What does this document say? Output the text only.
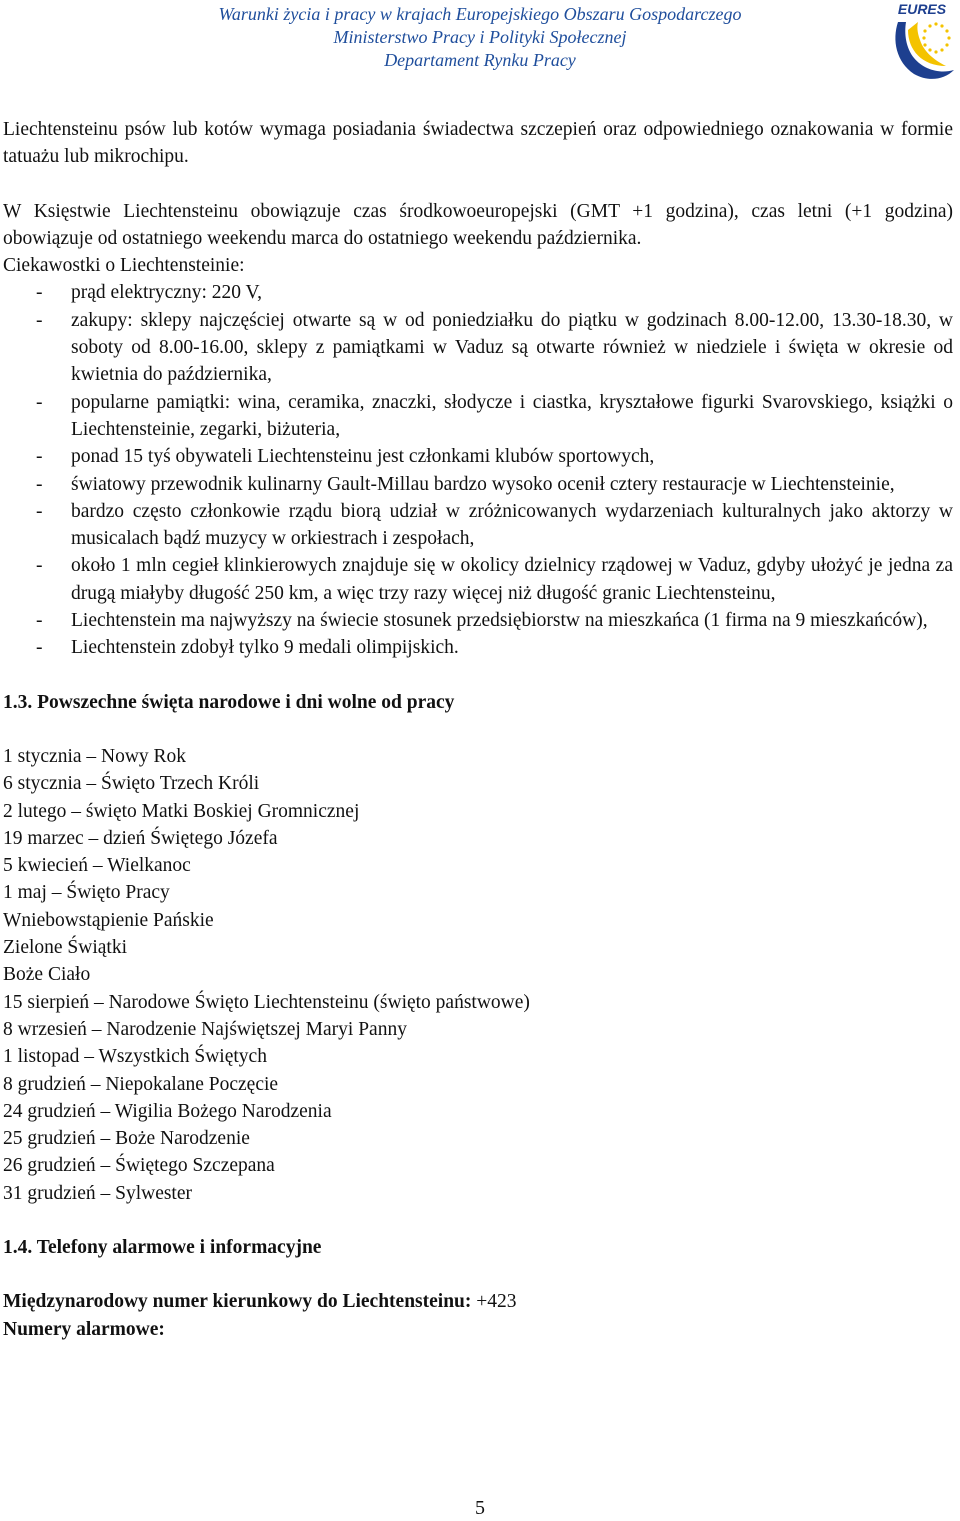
Warunki życia i pracy w krajach Europejskiego Obszaru Gospodarczego
Ministerstwo Pracy i Polityki Społecznej
Departament Rynku Pracy
EURES

Liechtensteinu psów lub kotów wymaga posiadania świadectwa szczepień oraz odpowiedniego oznakowania w formie tatuażu lub mikrochipu.

W Księstwie Liechtensteinu obowiązuje czas środkowoeuropejski (GMT +1 godzina), czas letni (+1 godzina) obowiązuje od ostatniego weekendu marca do ostatniego weekendu października.

Ciekawostki o Liechtensteinie:

- prąd elektryczny: 220 V,
- zakupy: sklepy najczęściej otwarte są w od poniedziałku do piątku w godzinach 8.00-12.00, 13.30-18.30, w soboty od 8.00-16.00, sklepy z pamiątkami w Vaduz są otwarte również w niedziele i święta w okresie od kwietnia do października,
- popularne pamiątki: wina, ceramika, znaczki, słodycze i ciastka, kryształowe figurki Svarovskiego, książki o Liechtensteinie, zegarki, biżuteria,
- ponad 15 tyś obywateli Liechtensteinu jest członkami klubów sportowych,
- światowy przewodnik kulinarny Gault-Millau bardzo wysoko ocenił cztery restauracje w Liechtensteinie,
- bardzo często członkowie rządu biorą udział w zróżnicowanych wydarzeniach kulturalnych jako aktorzy w musicalach bądź muzycy w orkiestrach i zespołach,
- około 1 mln cegieł klinkierowych znajduje się w okolicy dzielnicy rządowej w Vaduz, gdyby ułożyć je jedna za drugą miałyby długość 250 km, a więc trzy razy więcej niż długość granic Liechtensteinu,
- Liechtenstein ma najwyższy na świecie stosunek przedsiębiorstw na mieszkańca (1 firma na 9 mieszkańców),
- Liechtenstein zdobył tylko 9 medali olimpijskich.

1.3. Powszechne święta narodowe i dni wolne od pracy

1 stycznia – Nowy Rok
6 stycznia – Święto Trzech Króli
2 lutego – święto Matki Boskiej Gromnicznej
19 marzec – dzień Świętego Józefa
5 kwiecień – Wielkanoc
1 maj – Święto Pracy
Wniebowstąpienie Pańskie
Zielone Świątki
Boże Ciało
15 sierpień – Narodowe Święto Liechtensteinu (święto państwowe)
8 wrzesień – Narodzenie Najświętszej Maryi Panny
1 listopad – Wszystkich Świętych
8 grudzień – Niepokalane Poczęcie
24 grudzień – Wigilia Bożego Narodzenia
25 grudzień – Boże Narodzenie
26 grudzień – Świętego Szczepana
31 grudzień – Sylwester

1.4. Telefony alarmowe i informacyjne

Międzynarodowy numer kierunkowy do Liechtensteinu: +423

Numery alarmowe:

5
